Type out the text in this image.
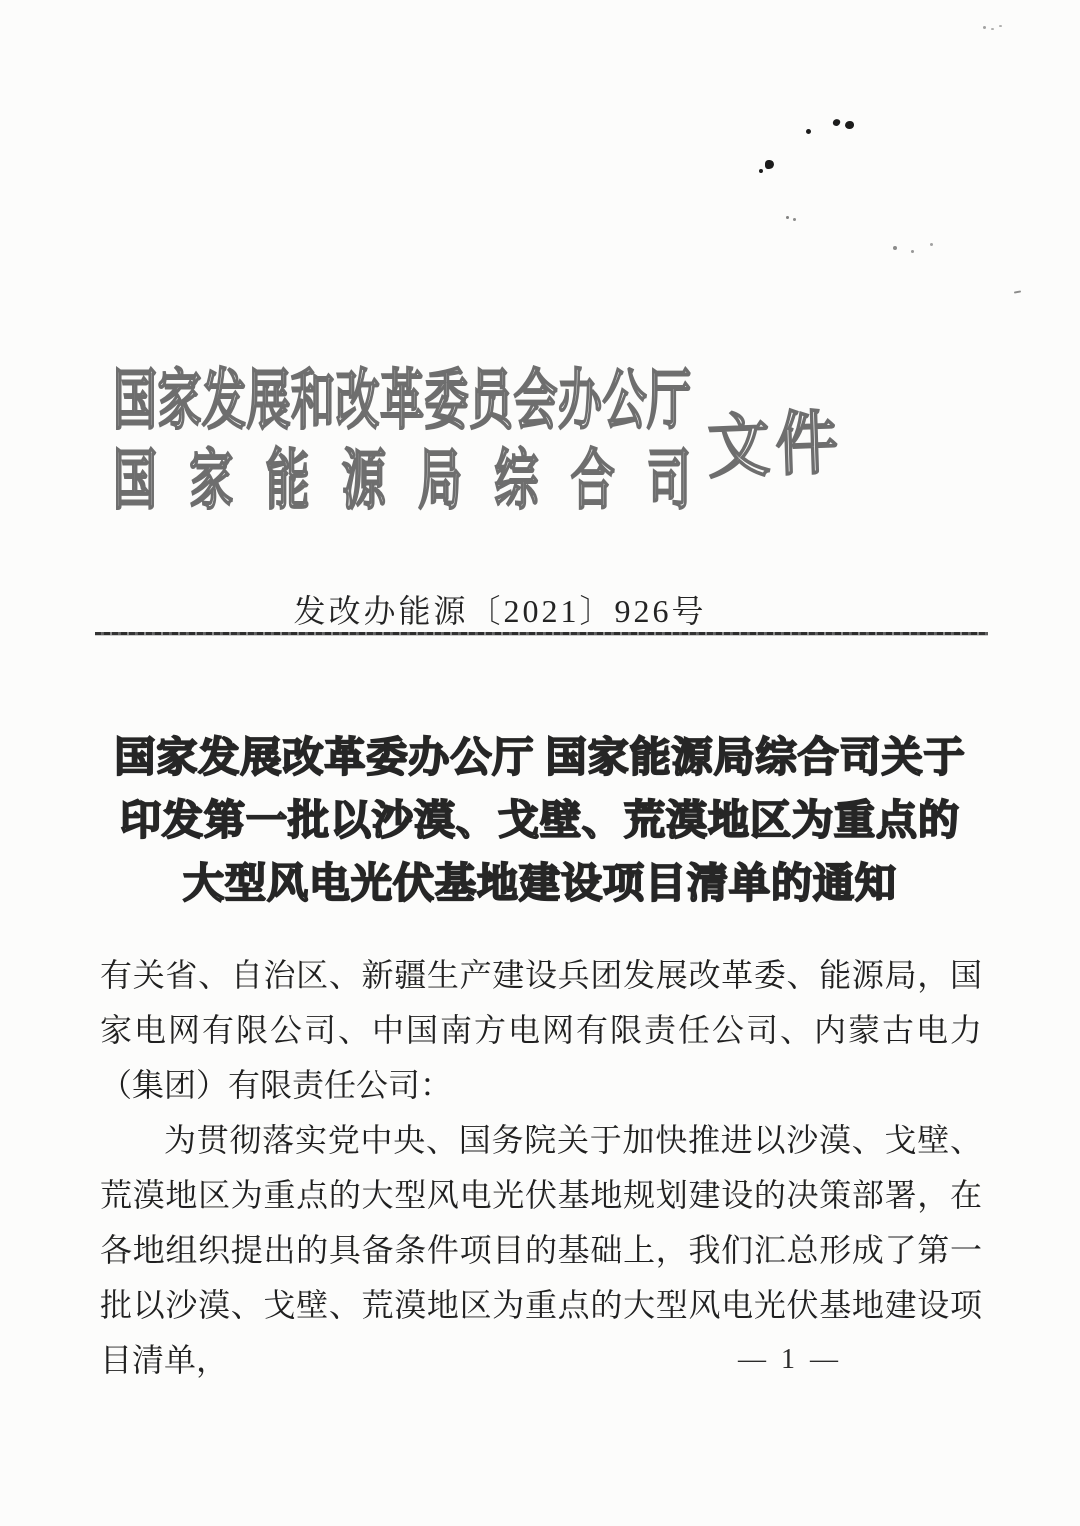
国家发展和改革委员会办公厅
国家能源局综合司 文件
发改办能源〔2021〕926号
国家发展改革委办公厅 国家能源局综合司关于
印发第一批以沙漠、戈壁、荒漠地区为重点的
大型风电光伏基地建设项目清单的通知

有关省、自治区、新疆生产建设兵团发展改革委、能源局，国家电网有限公司、中国南方电网有限责任公司、内蒙古电力（集团）有限责任公司：

为贯彻落实党中央、国务院关于加快推进以沙漠、戈壁、荒漠地区为重点的大型风电光伏基地规划建设的决策部署，在各地组织提出的具备条件项目的基础上，我们汇总形成了第一批以沙漠、戈壁、荒漠地区为重点的大型风电光伏基地建设项目清单，	— 1 —
